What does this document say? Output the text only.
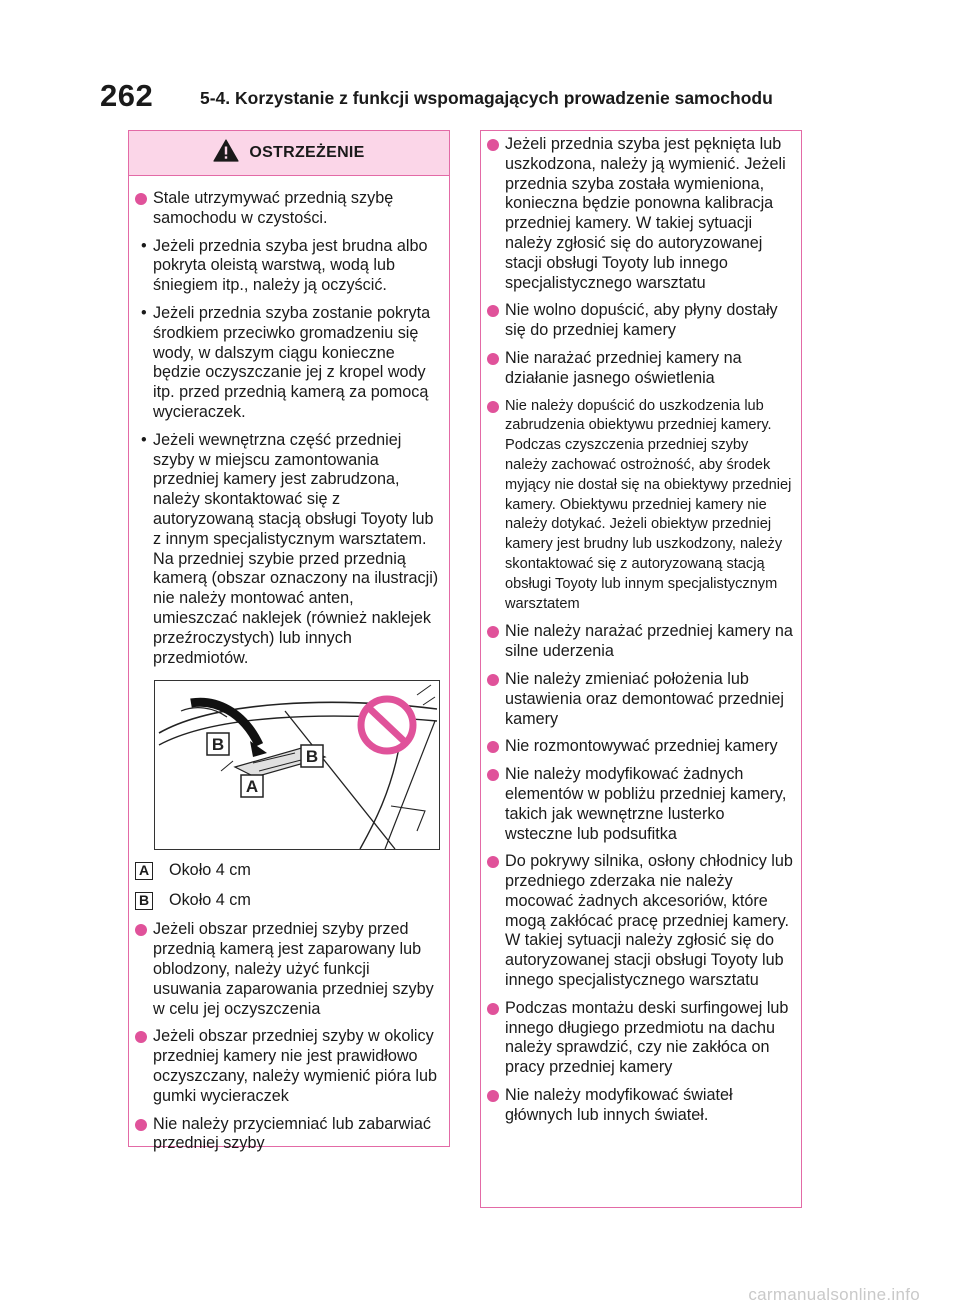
262	5-4. Korzystanie z funkcji wspomagających prowadzenie samochodu
OSTRZEŻENIE
Stale utrzymywać przednią szybę samochodu w czystości.
• Jeżeli przednia szyba jest brudna albo pokryta oleistą warstwą, wodą lub śniegiem itp., należy ją oczyścić.
• Jeżeli przednia szyba zostanie pokryta środkiem przeciwko gromadzeniu się wody, w dalszym ciągu konieczne będzie oczyszczanie jej z kropel wody itp. przed przednią kamerą za pomocą wycieraczek.
• Jeżeli wewnętrzna część przedniej szyby w miejscu zamontowania przedniej kamery jest zabrudzona, należy skontaktować się z autoryzowaną stacją obsługi Toyoty lub z innym specjalistycznym warsztatem. Na przedniej szybie przed przednią kamerą (obszar oznaczony na ilustracji) nie należy montować anten, umieszczać naklejek (również naklejek przeźroczystych) lub innych przedmiotów.
B
B
A
A Około 4 cm
B Około 4 cm
Jeżeli obszar przedniej szyby przed przednią kamerą jest zaparowany lub oblodzony, należy użyć funkcji usuwania zaparowania przedniej szyby w celu jej oczyszczenia
Jeżeli obszar przedniej szyby w okolicy przedniej kamery nie jest prawidłowo oczyszczany, należy wymienić pióra lub gumki wycieraczek
Nie należy przyciemniać lub zabarwiać przedniej szyby
Jeżeli przednia szyba jest pęknięta lub uszkodzona, należy ją wymienić. Jeżeli przednia szyba została wymieniona, konieczna będzie ponowna kalibracja przedniej kamery. W takiej sytuacji należy zgłosić się do autoryzowanej stacji obsługi Toyoty lub innego specjalistycznego warsztatu
Nie wolno dopuścić, aby płyny dostały się do przedniej kamery
Nie narażać przedniej kamery na działanie jasnego oświetlenia
Nie należy dopuścić do uszkodzenia lub zabrudzenia obiektywu przedniej kamery. Podczas czyszczenia przedniej szyby należy zachować ostrożność, aby środek myjący nie dostał się na obiektywy przedniej kamery. Obiektywu przedniej kamery nie należy dotykać. Jeżeli obiektyw przedniej kamery jest brudny lub uszkodzony, należy skontaktować się z autoryzowaną stacją obsługi Toyoty lub innym specjalistycznym warsztatem
Nie należy narażać przedniej kamery na silne uderzenia
Nie należy zmieniać położenia lub ustawienia oraz demontować przedniej kamery
Nie rozmontowywać przedniej kamery
Nie należy modyfikować żadnych elementów w pobliżu przedniej kamery, takich jak wewnętrzne lusterko wsteczne lub podsufitka
Do pokrywy silnika, osłony chłodnicy lub przedniego zderzaka nie należy mocować żadnych akcesoriów, które mogą zakłócać pracę przedniej kamery. W takiej sytuacji należy zgłosić się do autoryzowanej stacji obsługi Toyoty lub innego specjalistycznego warsztatu
Podczas montażu deski surfingowej lub innego długiego przedmiotu na dachu należy sprawdzić, czy nie zakłóca on pracy przedniej kamery
Nie należy modyfikować świateł głównych lub innych świateł.
carmanualsonline.info
